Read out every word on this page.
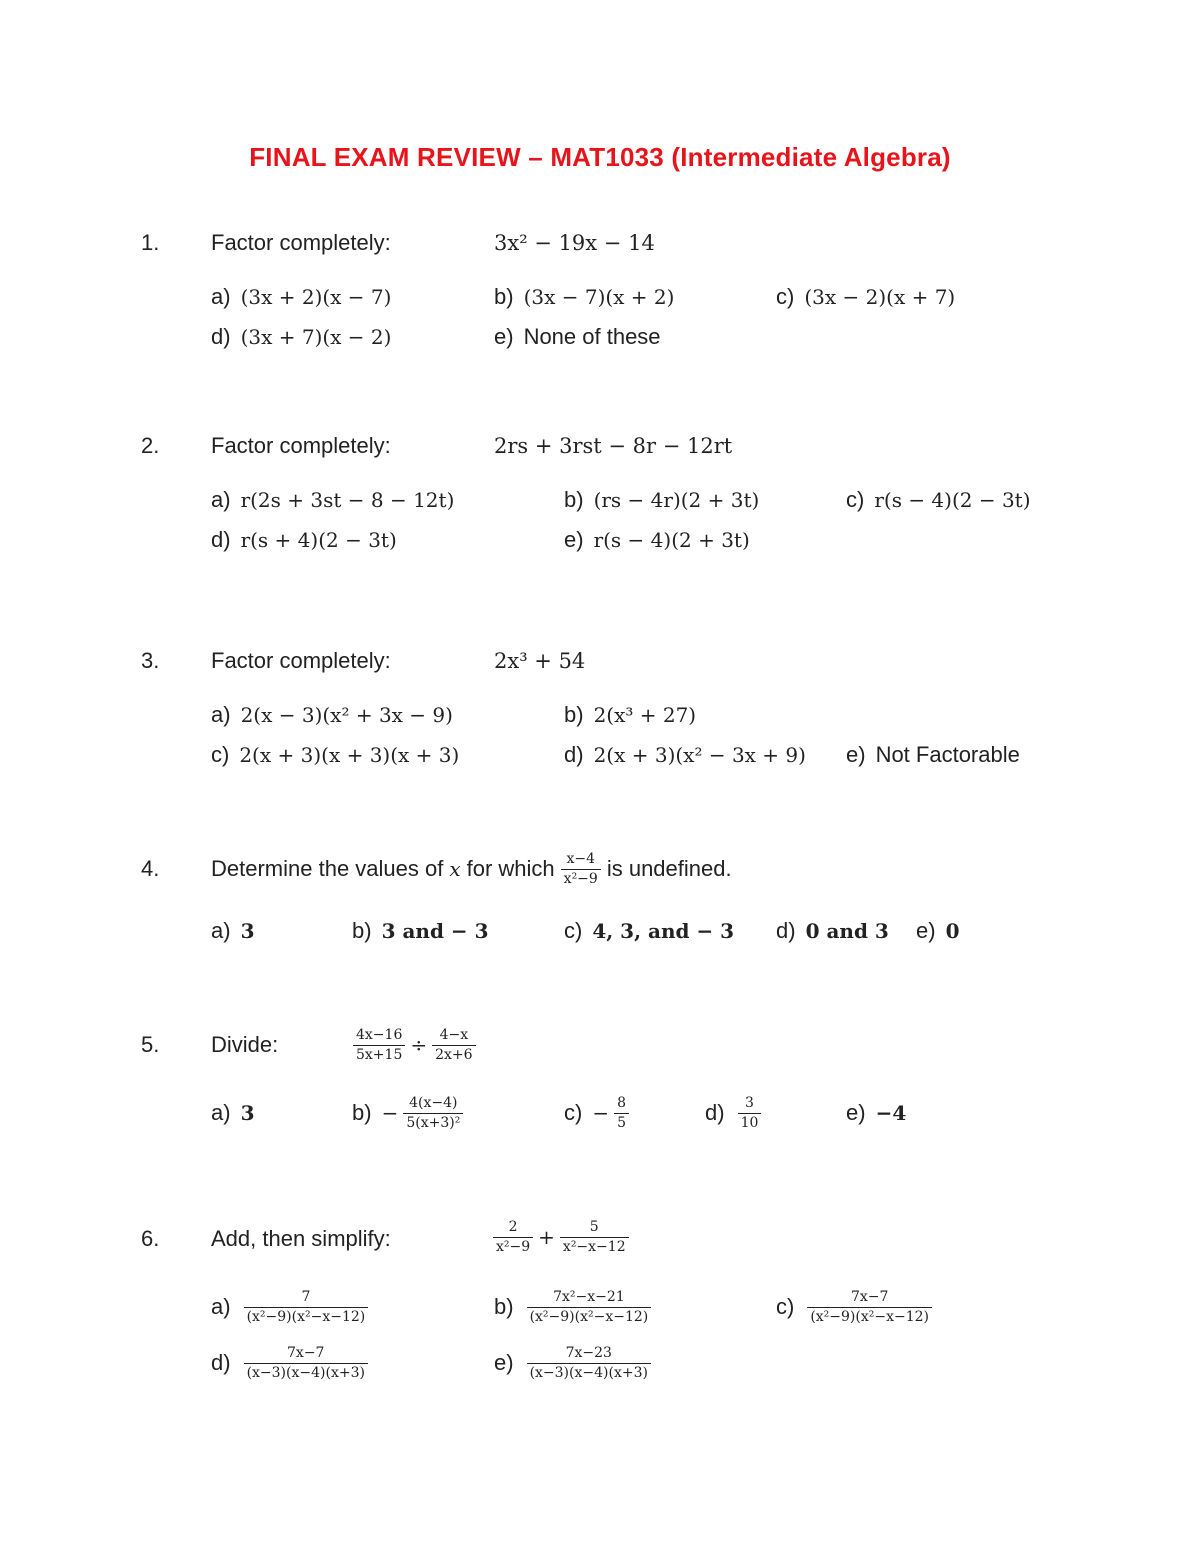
FINAL EXAM REVIEW – MAT1033 (Intermediate Algebra)
1. Factor completely:	3x² − 19x − 14
a) (3x + 2)(x − 7)	b) (3x − 7)(x + 2)	c) (3x − 2)(x + 7)
d) (3x + 7)(x − 2)	e) None of these
2. Factor completely:	2rs + 3rst − 8r − 12rt
a) r(2s + 3st − 8 − 12t)	b) (rs − 4r)(2 + 3t)	c) r(s − 4)(2 − 3t)
d) r(s + 4)(2 − 3t)	e) r(s − 4)(2 + 3t)
3. Factor completely:	2x³ + 54
a) 2(x − 3)(x² + 3x − 9)	b) 2(x³ + 27)
c) 2(x + 3)(x + 3)(x + 3)	d) 2(x + 3)(x² − 3x + 9) e) Not Factorable
4. Determine the values of x for which $\frac{x-4}{\text{x²−9}}$ is undefined.
a) 3	b) 3 and − 3	c) 4, 3, and − 3 d) 0 and 3 e) 0
5. Divide:	$\frac{4x-16}{5x+15} \div \frac{4-x}{2x+6}$
a) 3	$b) - \frac{4(x-4)}{\text{5(x+3)²}}$	$c) - \frac{8}{5}$	$d) \frac{3}{10}$	e) −4
6. Add, then simplify:	$\frac{2}{\text{x²−9}} + \frac{5}{\text{x²−x−12}}$
$a) \frac{7}{\text{(x²−9)(x²−x−12)}}$	$b) \frac{\text{7x²−x−21}}{\text{(x²−9)(x²−x−12)}}$	$c) \frac{7x-7}{\text{(x²−9)(x²−x−12)}}$
$d) \frac{7x-7}{(x-3)(x-4)(x+3)}$	$e) \frac{7x-23}{(x-3)(x-4)(x+3)}$
